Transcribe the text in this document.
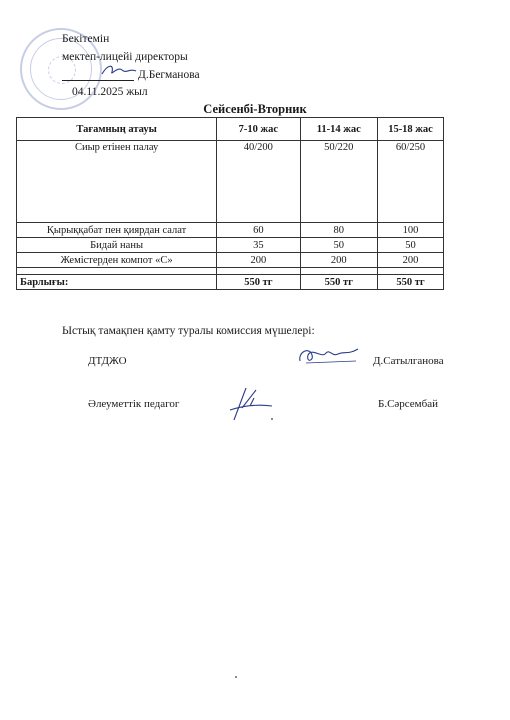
Бекітемін
мектеп-лицейі директоры
Д.Бегманова
04.11.2025 жыл
Сейсенбі-Вторник
Тағамның атауы	7-10 жас	11-14 жас	15-18 жас
Сиыр етінен палау	40/200	50/220	60/250
Қырыққабат пен қиярдан салат	60	80	100
Бидай наны	35	50	50
Жемістерден компот «С»	200	200	200

Барлығы:	550 тг	550 тг	550 тг
Ыстық тамақпен қамту туралы комиссия мүшелері:
ДТДЖО	Д.Сатылганова
Әлеуметтік педагог	Б.Сәрсембай
